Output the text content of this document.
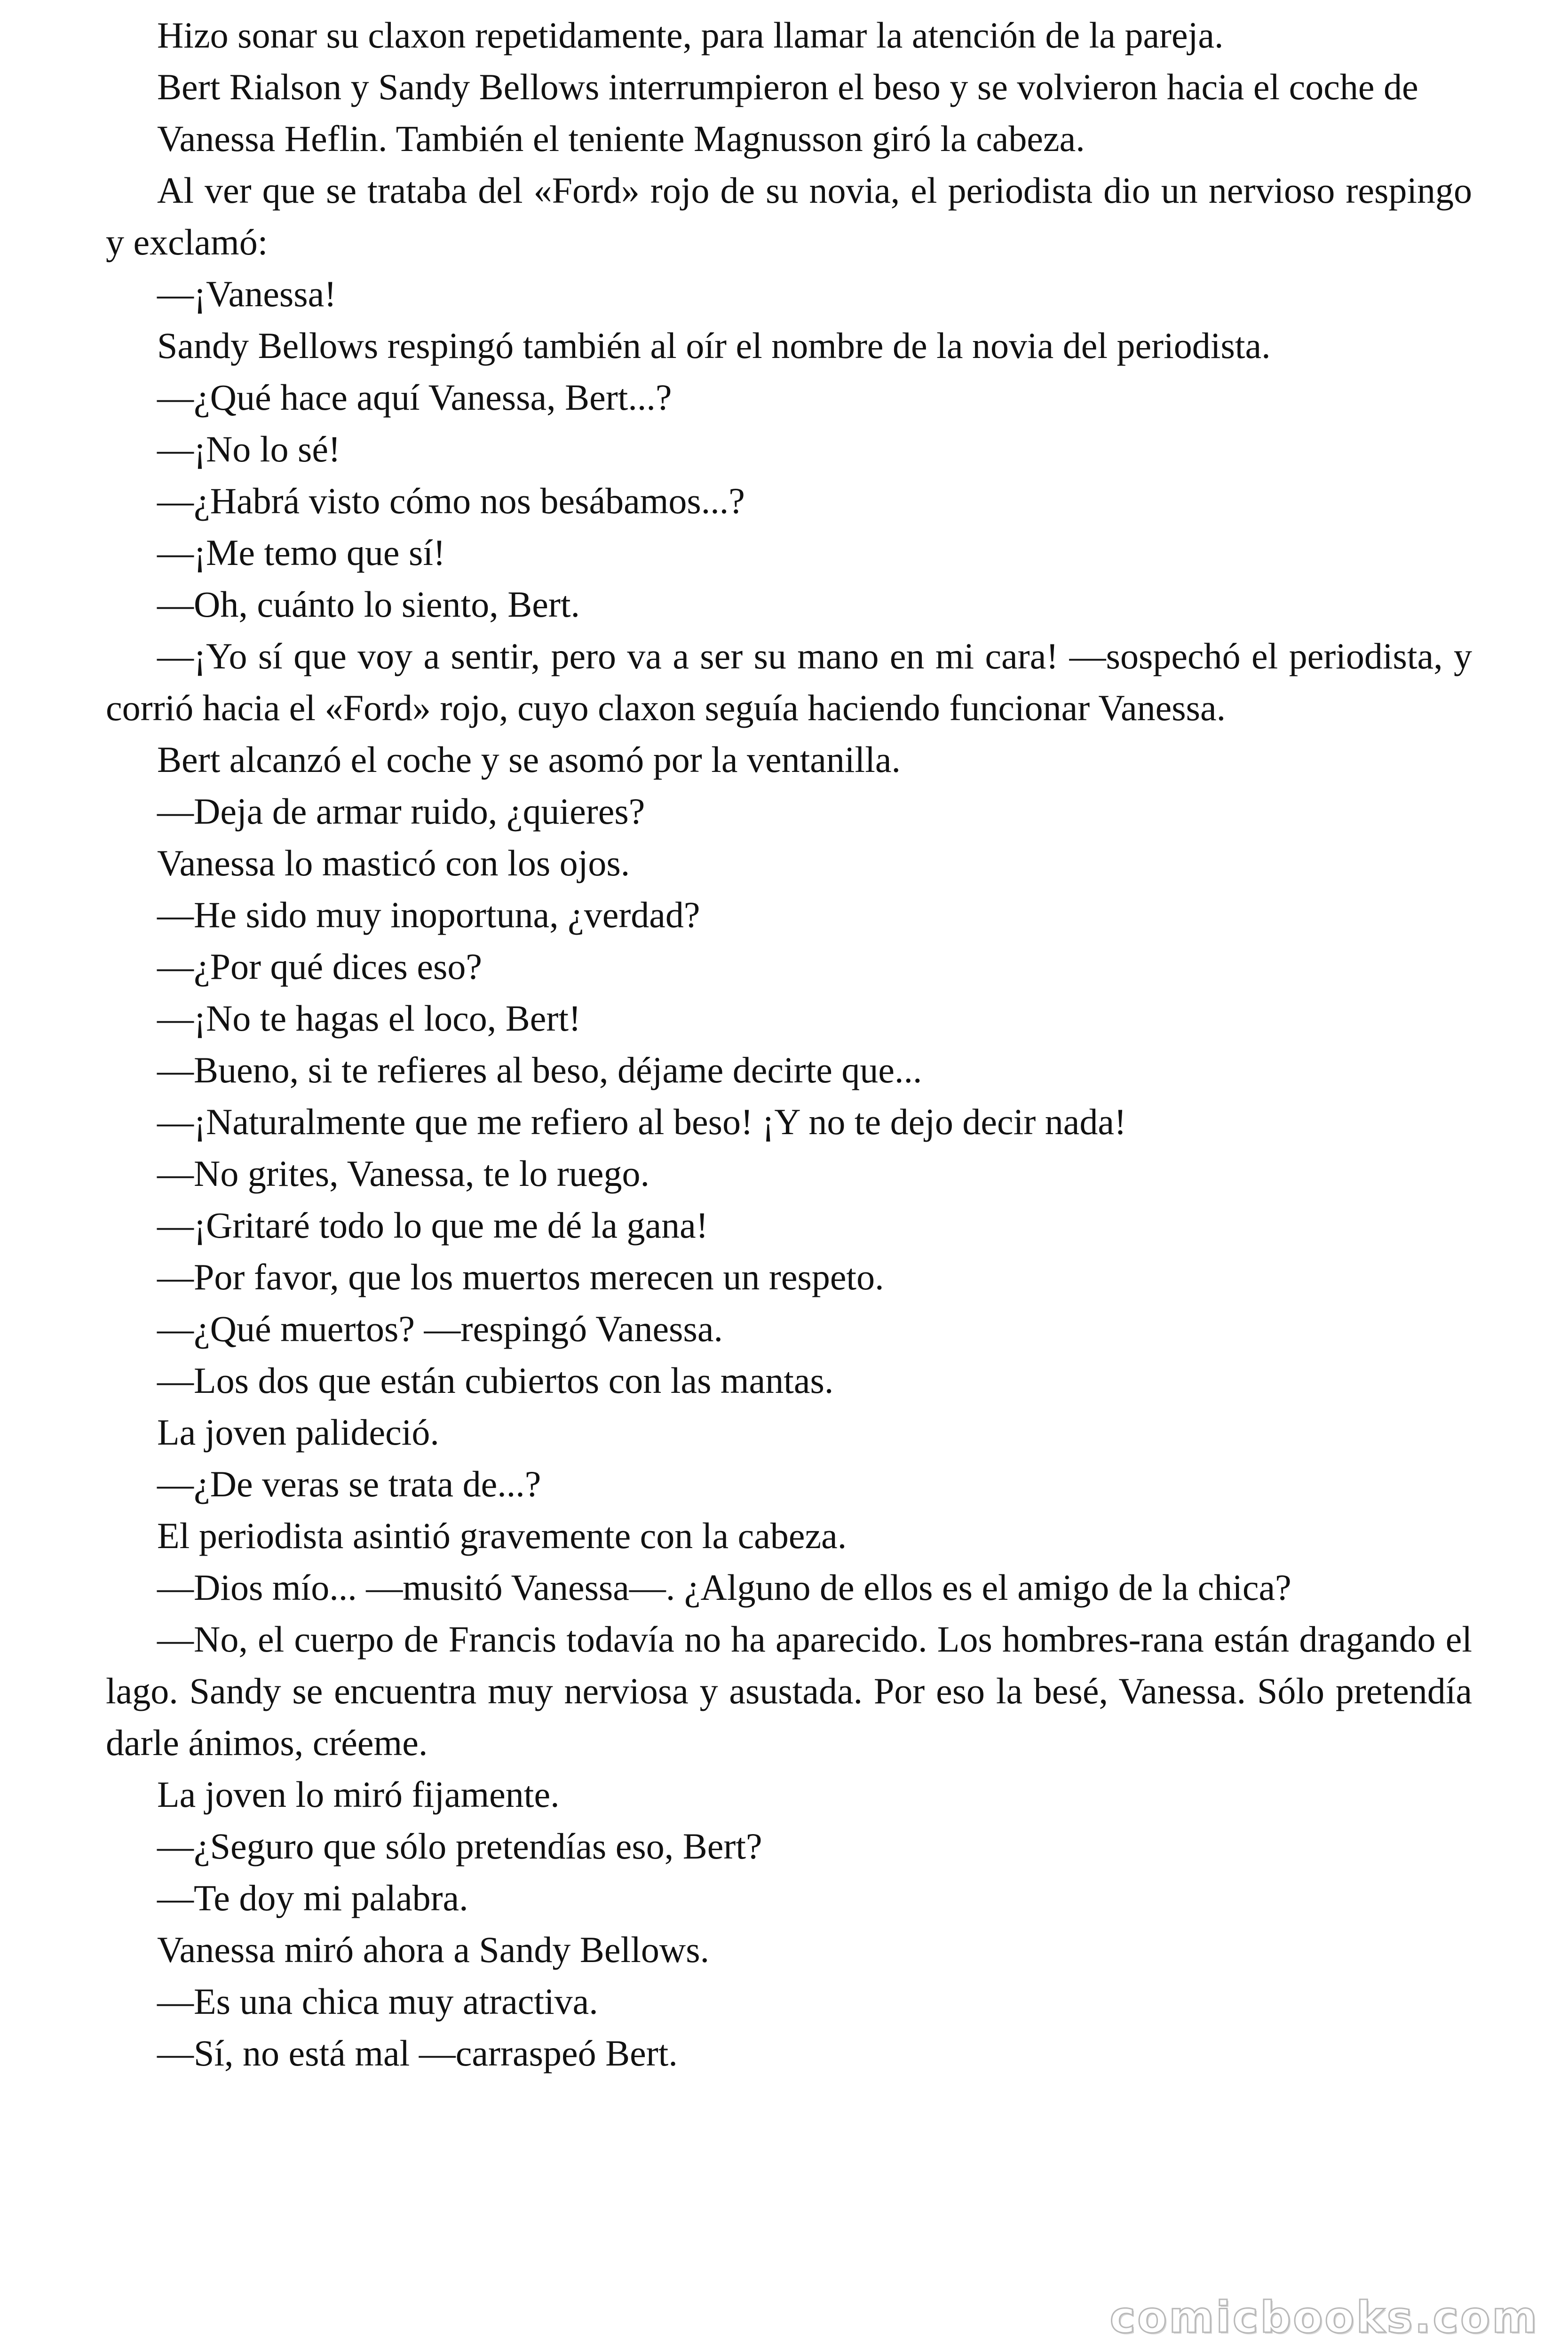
Hizo sonar su claxon repetidamente, para llamar la atención de la pareja.

Bert Rialson y Sandy Bellows interrumpieron el beso y se volvieron hacia el coche de

Vanessa Heflin. También el teniente Magnusson giró la cabeza.

Al ver que se trataba del «Ford» rojo de su novia, el periodista dio un nervioso respingo y exclamó:

—¡Vanessa!

Sandy Bellows respingó también al oír el nombre de la novia del periodista.

—¿Qué hace aquí Vanessa, Bert...?

—¡No lo sé!

—¿Habrá visto cómo nos besábamos...?

—¡Me temo que sí!

—Oh, cuánto lo siento, Bert.

—¡Yo sí que voy a sentir, pero va a ser su mano en mi cara! —sospechó el periodista, y corrió hacia el «Ford» rojo, cuyo claxon seguía haciendo funcionar Vanessa.

Bert alcanzó el coche y se asomó por la ventanilla.

—Deja de armar ruido, ¿quieres?

Vanessa lo masticó con los ojos.

—He sido muy inoportuna, ¿verdad?

—¿Por qué dices eso?

—¡No te hagas el loco, Bert!

—Bueno, si te refieres al beso, déjame decirte que...

—¡Naturalmente que me refiero al beso! ¡Y no te dejo decir nada!

—No grites, Vanessa, te lo ruego.

—¡Gritaré todo lo que me dé la gana!

—Por favor, que los muertos merecen un respeto.

—¿Qué muertos? —respingó Vanessa.

—Los dos que están cubiertos con las mantas.

La joven palideció.

—¿De veras se trata de...?

El periodista asintió gravemente con la cabeza.

—Dios mío... —musitó Vanessa—. ¿Alguno de ellos es el amigo de la chica?

—No, el cuerpo de Francis todavía no ha aparecido. Los hombres-rana están dragando el lago. Sandy se encuentra muy nerviosa y asustada. Por eso la besé, Vanessa. Sólo pretendía darle ánimos, créeme.

La joven lo miró fijamente.

—¿Seguro que sólo pretendías eso, Bert?

—Te doy mi palabra.

Vanessa miró ahora a Sandy Bellows.

—Es una chica muy atractiva.

—Sí, no está mal —carraspeó Bert.

comicbooks.com
